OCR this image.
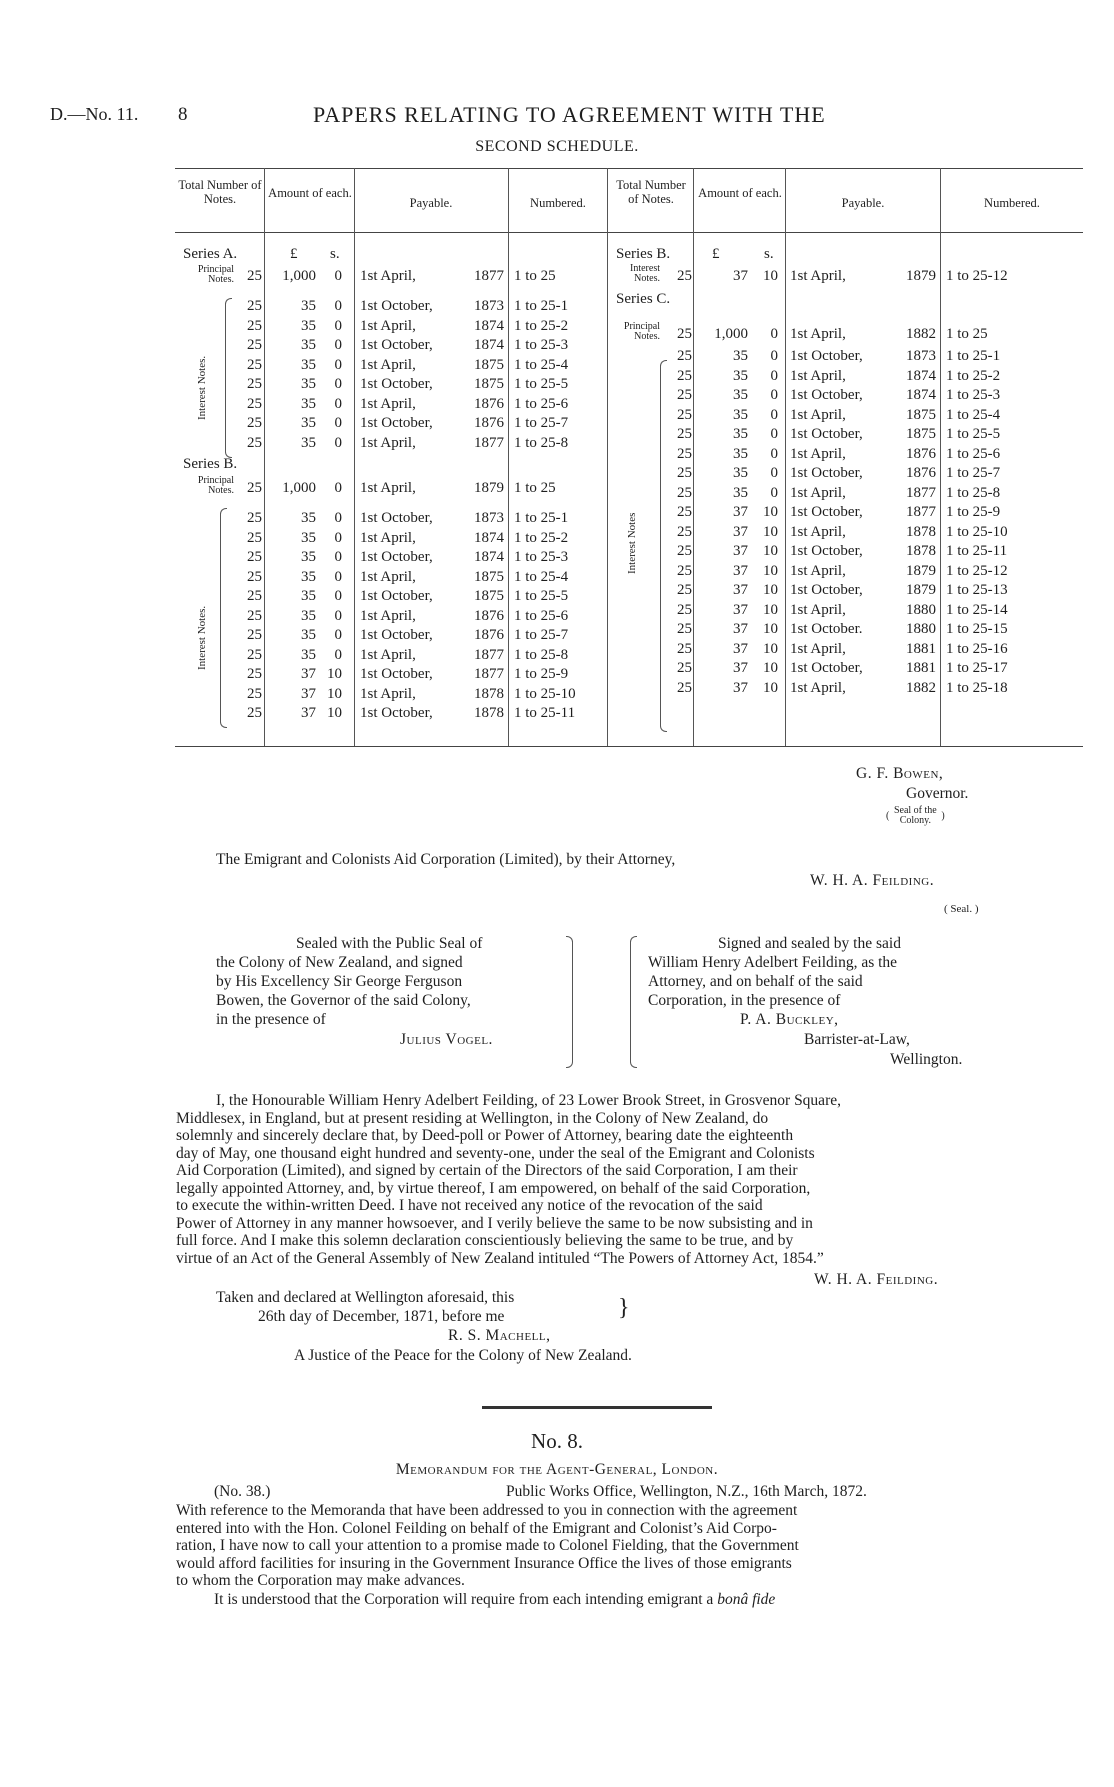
D.—No. 11. 8	PAPERS RELATING TO AGREEMENT WITH THE
SECOND SCHEDULE.
Total Number of Notes.	Amount of each.
Payable.	Numbered.
Total Number of Notes.	Amount of each.
Payable.	Numbered.
Series A.	£ s.
Principal Notes.
Interest Notes.
Series B.
Principal Notes.
Interest Notes.
Series B.	£	s.
Series C.
Interest Notes
25	1,000	0 1st April,	1877 1 to 25
25	35	0 1st October,	1873 1 to 25-1
25	35	0 1st April,	1874 1 to 25-2
25	35	0 1st October,	1874 1 to 25-3
25	35	0 1st April,	1875 1 to 25-4
25	35	0 1st October,	1875 1 to 25-5
25	35	0 1st April,	1876 1 to 25-6
25	35	0 1st October,	1876 1 to 25-7
25	35	0 1st April,	1877 1 to 25-8
25	1,000	0 1st April,	1879 1 to 25
25	35	0 1st October,	1873 1 to 25-1
25	35	0 1st April,	1874 1 to 25-2
25	35	0 1st October,	1874 1 to 25-3
25	35	0 1st April,	1875 1 to 25-4
25	35	0 1st October,	1875 1 to 25-5
25	35	0 1st April,	1876 1 to 25-6
25	35	0 1st October,	1876 1 to 25-7
25	35	0 1st April,	1877 1 to 25-8
25	37 10 1st October,	1877 1 to 25-9
25	37 10 1st April,	1878 1 to 25-10
25	37 10 1st October,	1878 1 to 25-11
25	37	10 1st April,	1879 1 to 25-12
25	1,000	0 1st April,	1882 1 to 25
25	35	0 1st October,	1873 1 to 25-1
25	35	0 1st April,	1874 1 to 25-2
25	35	0 1st October,	1874 1 to 25-3
25	35	0 1st April,	1875 1 to 25-4
25	35	0 1st October,	1875 1 to 25-5
25	35	0 1st April,	1876 1 to 25-6
25	35	0 1st October,	1876 1 to 25-7
25	35	0 1st April,	1877 1 to 25-8
25	37	10 1st October,	1877 1 to 25-9
25	37	10 1st April,	1878 1 to 25-10
25	37	10 1st October,	1878 1 to 25-11
25	37	10 1st April,	1879 1 to 25-12
25	37	10 1st October,	1879 1 to 25-13
25	37	10 1st April,	1880 1 to 25-14
25	37	10 1st October.	1880 1 to 25-15
25	37	10 1st April,	1881 1 to 25-16
25	37	10 1st October,	1881 1 to 25-17
25	37	10 1st April,	1882 1 to 25-18
Interest Notes.
Principal Notes.
G. F. Bowen,
Governor.
( Seal of the Colony. )
The Emigrant and Colonists Aid Corporation (Limited), by their Attorney,
W. H. A. Feilding.
( Seal. )
Sealed with the Public Seal of
the Colony of New Zealand, and signed
by His Excellency Sir George Ferguson
Bowen, the Governor of the said Colony,
in the presence of
Julius Vogel.
Signed and sealed by the said
William Henry Adelbert Feilding, as the
Attorney, and on behalf of the said
Corporation, in the presence of
P. A. Buckley,
Barrister-at-Law,
Wellington.
I, the Honourable William Henry Adelbert Feilding, of 23 Lower Brook Street, in Grosvenor Square,
Middlesex, in England, but at present residing at Wellington, in the Colony of New Zealand, do
solemnly and sincerely declare that, by Deed-poll or Power of Attorney, bearing date the eighteenth
day of May, one thousand eight hundred and seventy-one, under the seal of the Emigrant and Colonists
Aid Corporation (Limited), and signed by certain of the Directors of the said Corporation, I am their
legally appointed Attorney, and, by virtue thereof, I am empowered, on behalf of the said Corporation,
to execute the within-written Deed. I have not received any notice of the revocation of the said
Power of Attorney in any manner howsoever, and I verily believe the same to be now subsisting and in
full force. And I make this solemn declaration conscientiously believing the same to be true, and by
virtue of an Act of the General Assembly of New Zealand intituled “The Powers of Attorney Act, 1854.”
W. H. A. Feilding.
Taken and declared at Wellington aforesaid, this
26th day of December, 1871, before me	}
R. S. Machell,
A Justice of the Peace for the Colony of New Zealand.
No. 8.
Memorandum for the Agent-General, London.
(No. 38.)	Public Works Office, Wellington, N.Z., 16th March, 1872.
With reference to the Memoranda that have been addressed to you in connection with the agreement
entered into with the Hon. Colonel Feilding on behalf of the Emigrant and Colonist’s Aid Corpo-
ration, I have now to call your attention to a promise made to Colonel Fielding, that the Government
would afford facilities for insuring in the Government Insurance Office the lives of those emigrants
to whom the Corporation may make advances.
It is understood that the Corporation will require from each intending emigrant a bonâ fide
